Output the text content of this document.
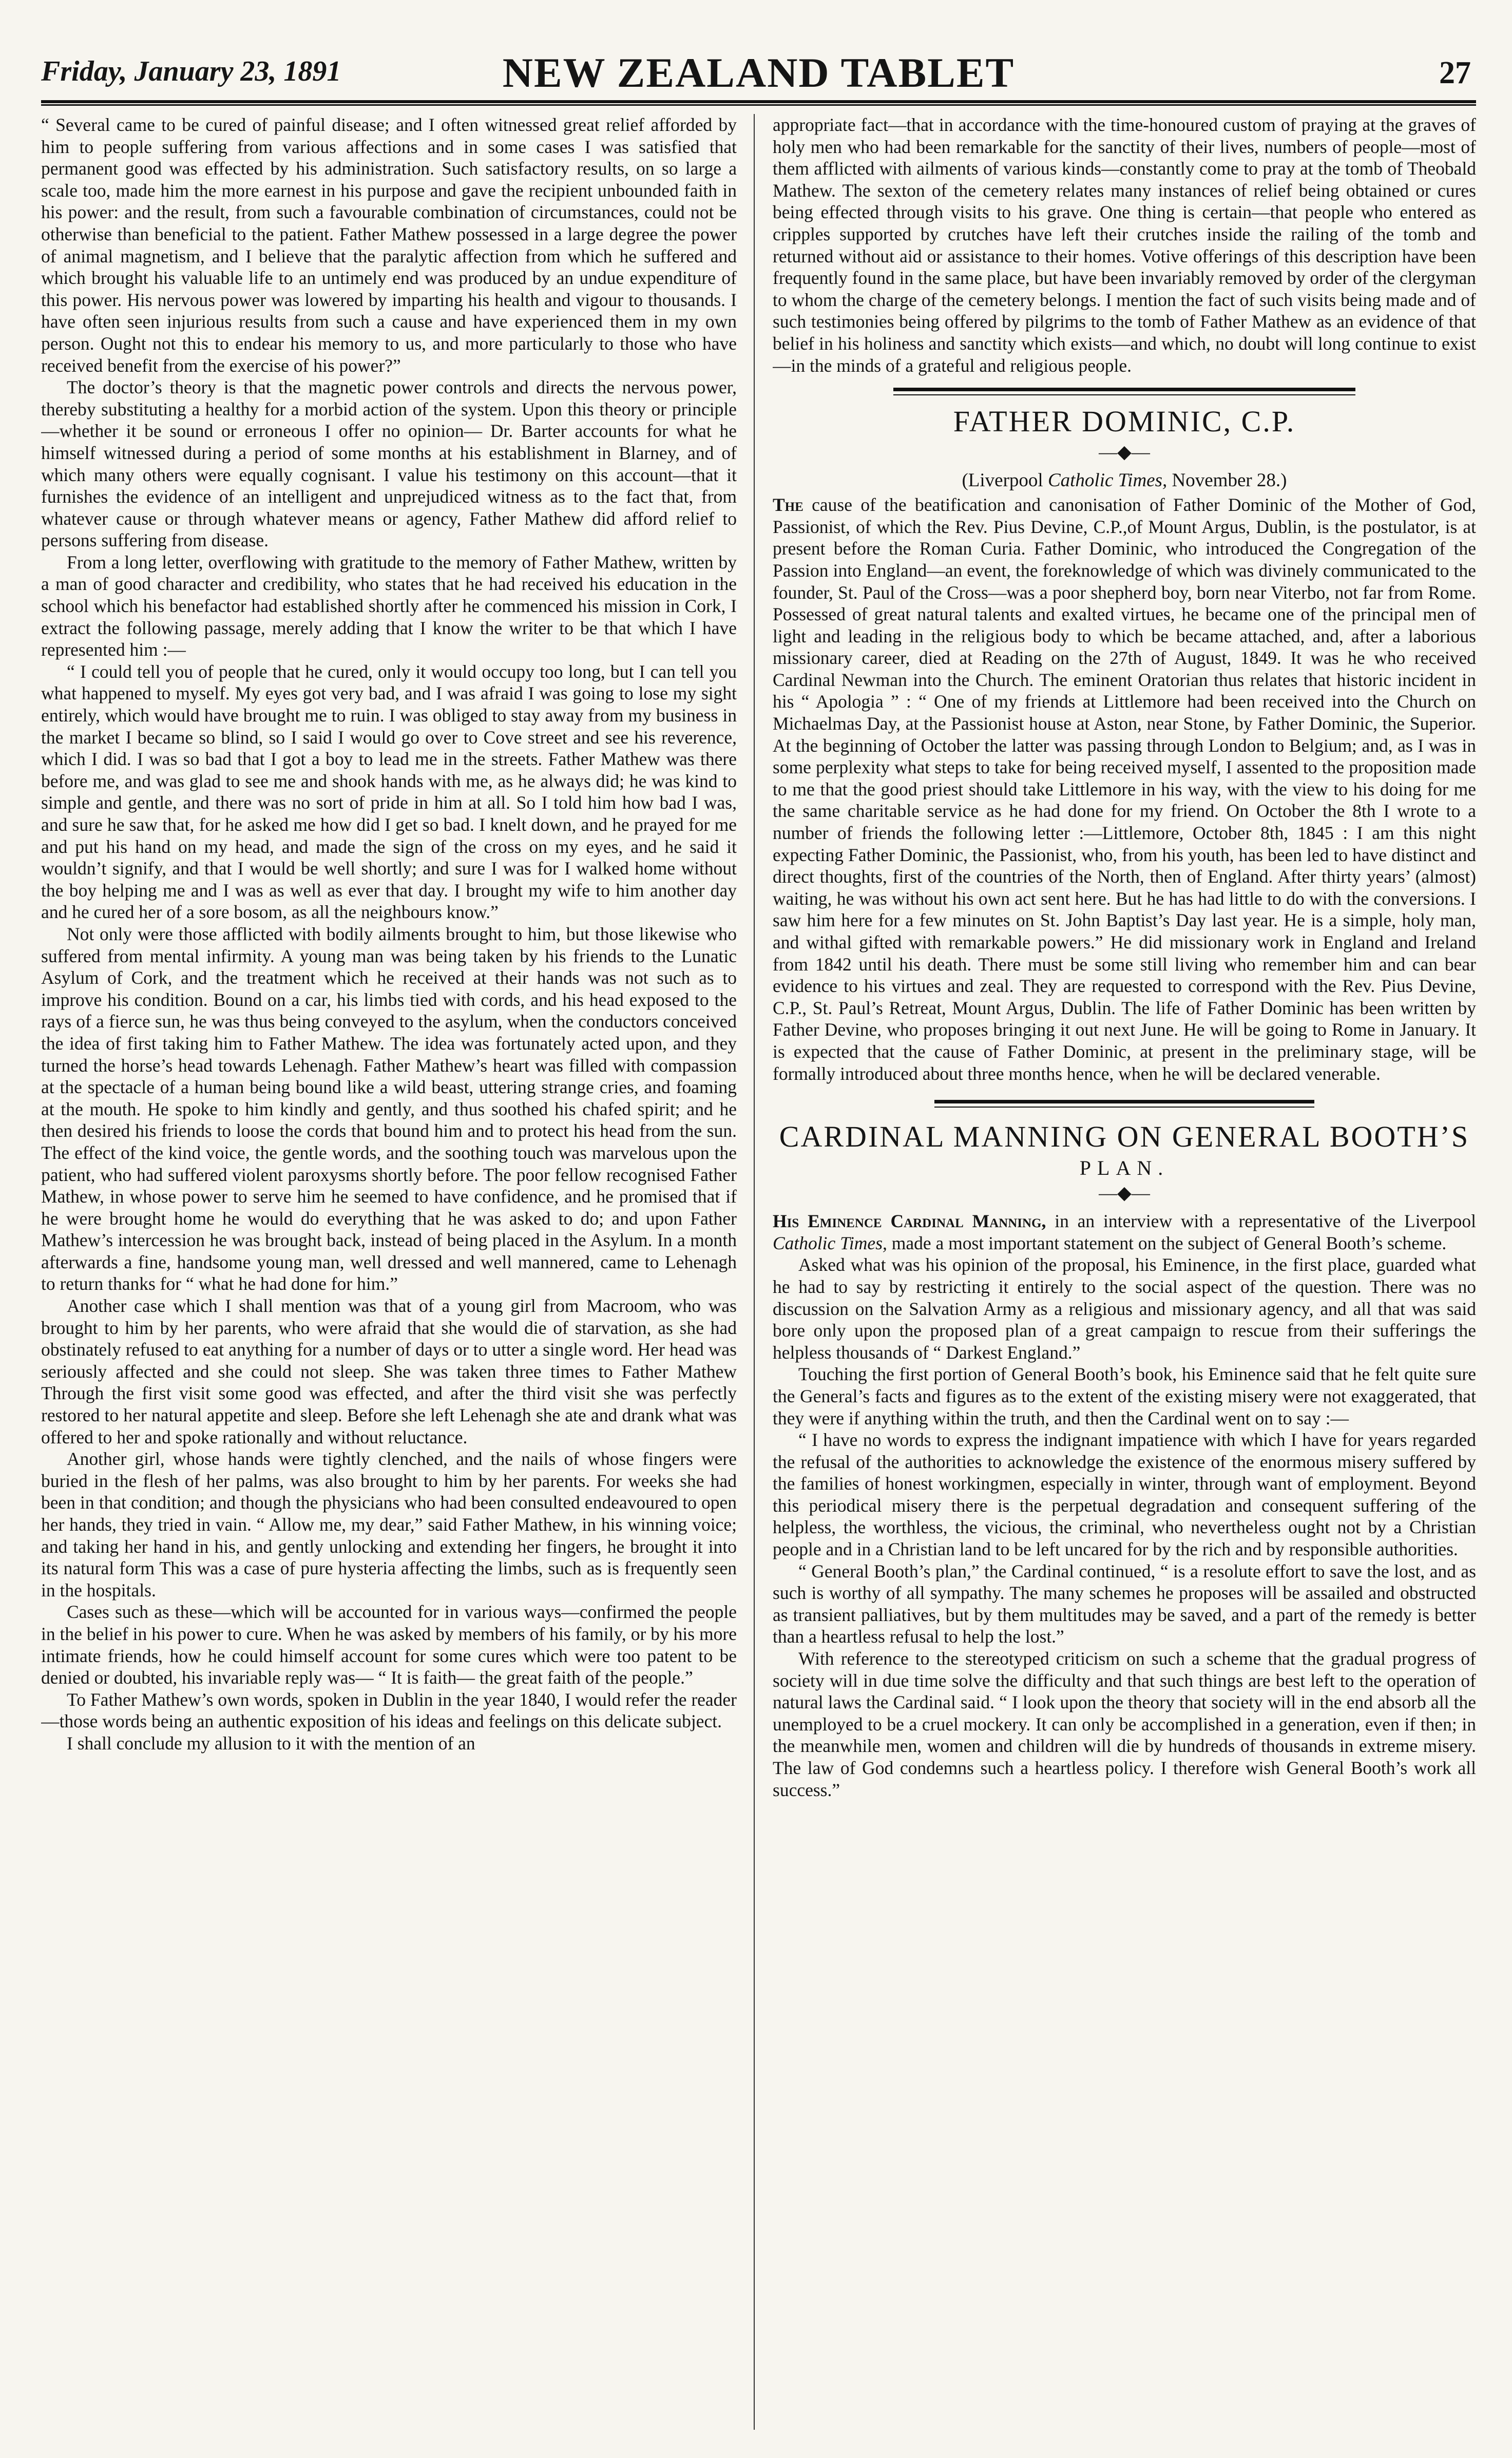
Friday, January 23, 1891	NEW ZEALAND TABLET	27

“ Several came to be cured of painful disease; and I often witnessed great relief afforded by him to people suffering from various affections and in some cases I was satisfied that permanent good was effected by his administration. Such satisfactory results, on so large a scale too, made him the more earnest in his purpose and gave the recipient unbounded faith in his power: and the result, from such a favourable combination of circumstances, could not be otherwise than beneficial to the patient. Father Mathew possessed in a large degree the power of animal magnetism, and I believe that the paralytic affection from which he suffered and which brought his valuable life to an untimely end was produced by an undue expenditure of this power. His nervous power was lowered by imparting his health and vigour to thousands. I have often seen injurious results from such a cause and have experienced them in my own person. Ought not this to endear his memory to us, and more particularly to those who have received benefit from the exercise of his power?”

The doctor’s theory is that the magnetic power controls and directs the nervous power, thereby substituting a healthy for a morbid action of the system. Upon this theory or principle —whether it be sound or erroneous I offer no opinion— Dr. Barter accounts for what he himself witnessed during a period of some months at his establishment in Blarney, and of which many others were equally cognisant. I value his testimony on this account—that it furnishes the evidence of an intelligent and unprejudiced witness as to the fact that, from whatever cause or through whatever means or agency, Father Mathew did afford relief to persons suffering from disease.

From a long letter, overflowing with gratitude to the memory of Father Mathew, written by a man of good character and credibility, who states that he had received his education in the school which his benefactor had established shortly after he commenced his mission in Cork, I extract the following passage, merely adding that I know the writer to be that which I have represented him :—

“ I could tell you of people that he cured, only it would occupy too long, but I can tell you what happened to myself. My eyes got very bad, and I was afraid I was going to lose my sight entirely, which would have brought me to ruin. I was obliged to stay away from my business in the market I became so blind, so I said I would go over to Cove street and see his reverence, which I did. I was so bad that I got a boy to lead me in the streets. Father Mathew was there before me, and was glad to see me and shook hands with me, as he always did; he was kind to simple and gentle, and there was no sort of pride in him at all. So I told him how bad I was, and sure he saw that, for he asked me how did I get so bad. I knelt down, and he prayed for me and put his hand on my head, and made the sign of the cross on my eyes, and he said it wouldn’t signify, and that I would be well shortly; and sure I was for I walked home without the boy helping me and I was as well as ever that day. I brought my wife to him another day and he cured her of a sore bosom, as all the neighbours know.”

Not only were those afflicted with bodily ailments brought to him, but those likewise who suffered from mental infirmity. A young man was being taken by his friends to the Lunatic Asylum of Cork, and the treatment which he received at their hands was not such as to improve his condition. Bound on a car, his limbs tied with cords, and his head exposed to the rays of a fierce sun, he was thus being conveyed to the asylum, when the conductors conceived the idea of first taking him to Father Mathew. The idea was fortunately acted upon, and they turned the horse’s head towards Lehenagh. Father Mathew’s heart was filled with compassion at the spectacle of a human being bound like a wild beast, uttering strange cries, and foaming at the mouth. He spoke to him kindly and gently, and thus soothed his chafed spirit; and he then desired his friends to loose the cords that bound him and to protect his head from the sun. The effect of the kind voice, the gentle words, and the soothing touch was marvelous upon the patient, who had suffered violent paroxysms shortly before. The poor fellow recognised Father Mathew, in whose power to serve him he seemed to have confidence, and he promised that if he were brought home he would do everything that he was asked to do; and upon Father Mathew’s intercession he was brought back, instead of being placed in the Asylum. In a month afterwards a fine, handsome young man, well dressed and well mannered, came to Lehenagh to return thanks for “ what he had done for him.”

Another case which I shall mention was that of a young girl from Macroom, who was brought to him by her parents, who were afraid that she would die of starvation, as she had obstinately refused to eat anything for a number of days or to utter a single word. Her head was seriously affected and she could not sleep. She was taken three times to Father Mathew Through the first visit some good was effected, and after the third visit she was perfectly restored to her natural appetite and sleep. Before she left Lehenagh she ate and drank what was offered to her and spoke rationally and without reluctance.

Another girl, whose hands were tightly clenched, and the nails of whose fingers were buried in the flesh of her palms, was also brought to him by her parents. For weeks she had been in that condition; and though the physicians who had been consulted endeavoured to open her hands, they tried in vain. “ Allow me, my dear,” said Father Mathew, in his winning voice; and taking her hand in his, and gently unlocking and extending her fingers, he brought it into its natural form This was a case of pure hysteria affecting the limbs, such as is frequently seen in the hospitals.

Cases such as these—which will be accounted for in various ways—confirmed the people in the belief in his power to cure. When he was asked by members of his family, or by his more intimate friends, how he could himself account for some cures which were too patent to be denied or doubted, his invariable reply was— “ It is faith— the great faith of the people.”

To Father Mathew’s own words, spoken in Dublin in the year 1840, I would refer the reader—those words being an authentic exposition of his ideas and feelings on this delicate subject.

I shall conclude my allusion to it with the mention of an

appropriate fact—that in accordance with the time-honoured custom of praying at the graves of holy men who had been remarkable for the sanctity of their lives, numbers of people—most of them afflicted with ailments of various kinds—constantly come to pray at the tomb of Theobald Mathew. The sexton of the cemetery relates many instances of relief being obtained or cures being effected through visits to his grave. One thing is certain—that people who entered as cripples supported by crutches have left their crutches inside the railing of the tomb and returned without aid or assistance to their homes. Votive offerings of this description have been frequently found in the same place, but have been invariably removed by order of the clergyman to whom the charge of the cemetery belongs. I mention the fact of such visits being made and of such testimonies being offered by pilgrims to the tomb of Father Mathew as an evidence of that belief in his holiness and sanctity which exists—and which, no doubt will long continue to exist—in the minds of a grateful and religious people.

FATHER DOMINIC, C.P.
—◆—
(Liverpool Catholic Times, November 28.)

The cause of the beatification and canonisation of Father Dominic of the Mother of God, Passionist, of which the Rev. Pius Devine, C.P.,of Mount Argus, Dublin, is the postulator, is at present before the Roman Curia. Father Dominic, who introduced the Congregation of the Passion into England—an event, the foreknowledge of which was divinely communicated to the founder, St. Paul of the Cross—was a poor shepherd boy, born near Viterbo, not far from Rome. Possessed of great natural talents and exalted virtues, he became one of the principal men of light and leading in the religious body to which be became attached, and, after a laborious missionary career, died at Reading on the 27th of August, 1849. It was he who received Cardinal Newman into the Church. The eminent Oratorian thus relates that historic incident in his “ Apologia ” : “ One of my friends at Littlemore had been received into the Church on Michaelmas Day, at the Passionist house at Aston, near Stone, by Father Dominic, the Superior. At the beginning of October the latter was passing through London to Belgium; and, as I was in some perplexity what steps to take for being received myself, I assented to the proposition made to me that the good priest should take Littlemore in his way, with the view to his doing for me the same charitable service as he had done for my friend. On October the 8th I wrote to a number of friends the following letter :—Littlemore, October 8th, 1845 : I am this night expecting Father Dominic, the Passionist, who, from his youth, has been led to have distinct and direct thoughts, first of the countries of the North, then of England. After thirty years’ (almost) waiting, he was without his own act sent here. But he has had little to do with the conversions. I saw him here for a few minutes on St. John Baptist’s Day last year. He is a simple, holy man, and withal gifted with remarkable powers.” He did missionary work in England and Ireland from 1842 until his death. There must be some still living who remember him and can bear evidence to his virtues and zeal. They are requested to correspond with the Rev. Pius Devine, C.P., St. Paul’s Retreat, Mount Argus, Dublin. The life of Father Dominic has been written by Father Devine, who proposes bringing it out next June. He will be going to Rome in January. It is expected that the cause of Father Dominic, at present in the preliminary stage, will be formally introduced about three months hence, when he will be declared venerable.

CARDINAL MANNING ON GENERAL BOOTH’S
PLAN.
—◆—

His Eminence Cardinal Manning, in an interview with a representative of the Liverpool Catholic Times, made a most important statement on the subject of General Booth’s scheme.

Asked what was his opinion of the proposal, his Eminence, in the first place, guarded what he had to say by restricting it entirely to the social aspect of the question. There was no discussion on the Salvation Army as a religious and missionary agency, and all that was said bore only upon the proposed plan of a great campaign to rescue from their sufferings the helpless thousands of “ Darkest England.”

Touching the first portion of General Booth’s book, his Eminence said that he felt quite sure the General’s facts and figures as to the extent of the existing misery were not exaggerated, that they were if anything within the truth, and then the Cardinal went on to say :—

“ I have no words to express the indignant impatience with which I have for years regarded the refusal of the authorities to acknowledge the existence of the enormous misery suffered by the families of honest workingmen, especially in winter, through want of employment. Beyond this periodical misery there is the perpetual degradation and consequent suffering of the helpless, the worthless, the vicious, the criminal, who nevertheless ought not by a Christian people and in a Christian land to be left uncared for by the rich and by responsible authorities.

“ General Booth’s plan,” the Cardinal continued, “ is a resolute effort to save the lost, and as such is worthy of all sympathy. The many schemes he proposes will be assailed and obstructed as transient palliatives, but by them multitudes may be saved, and a part of the remedy is better than a heartless refusal to help the lost.”

With reference to the stereotyped criticism on such a scheme that the gradual progress of society will in due time solve the difficulty and that such things are best left to the operation of natural laws the Cardinal said. “ I look upon the theory that society will in the end absorb all the unemployed to be a cruel mockery. It can only be accomplished in a generation, even if then; in the meanwhile men, women and children will die by hundreds of thousands in extreme misery. The law of God condemns such a heartless policy. I therefore wish General Booth’s work all success.”
